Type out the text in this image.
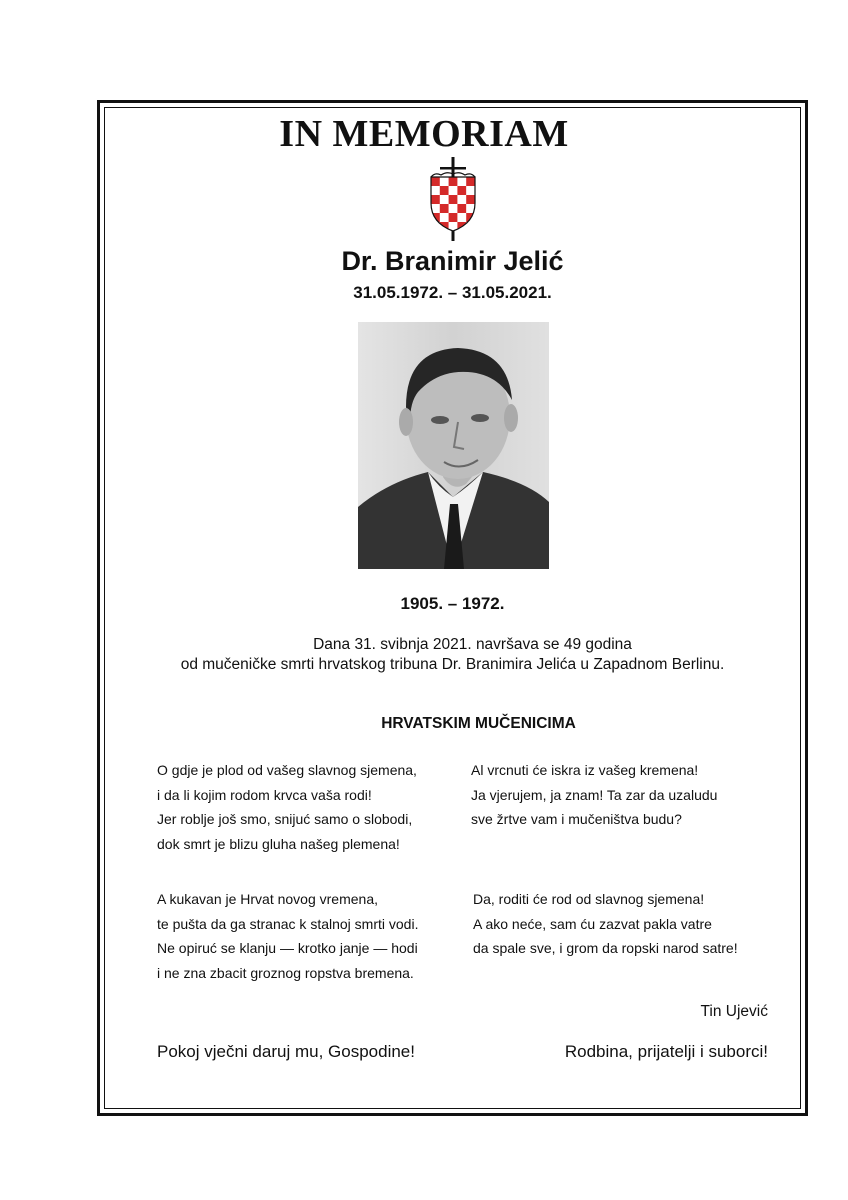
IN MEMORIAM
Dr. Branimir Jelić
31.05.1972. – 31.05.2021.
1905. – 1972.
Dana 31. svibnja 2021. navršava se 49 godina
od mučeničke smrti hrvatskog tribuna Dr. Branimira Jelića u Zapadnom Berlinu.
HRVATSKIM MUČENICIMA
O gdje je plod od vašeg slavnog sjemena,
i da li kojim rodom krvca vaša rodi!
Jer roblje još smo, snijuć samo o slobodi,
dok smrt je blizu gluha našeg plemena!
Al vrcnuti će iskra iz vašeg kremena!
Ja vjerujem, ja znam! Ta zar da uzaludu
sve žrtve vam i mučeništva budu?
A kukavan je Hrvat novog vremena,
te pušta da ga stranac k stalnoj smrti vodi.
Ne opiruć se klanju — krotko janje — hodi
i ne zna zbacit groznog ropstva bremena.
Da, roditi će rod od slavnog sjemena!
A ako neće, sam ću zazvat pakla vatre
da spale sve, i grom da ropski narod satre!
Tin Ujević
Pokoj vječni daruj mu, Gospodine!	Rodbina, prijatelji i suborci!
